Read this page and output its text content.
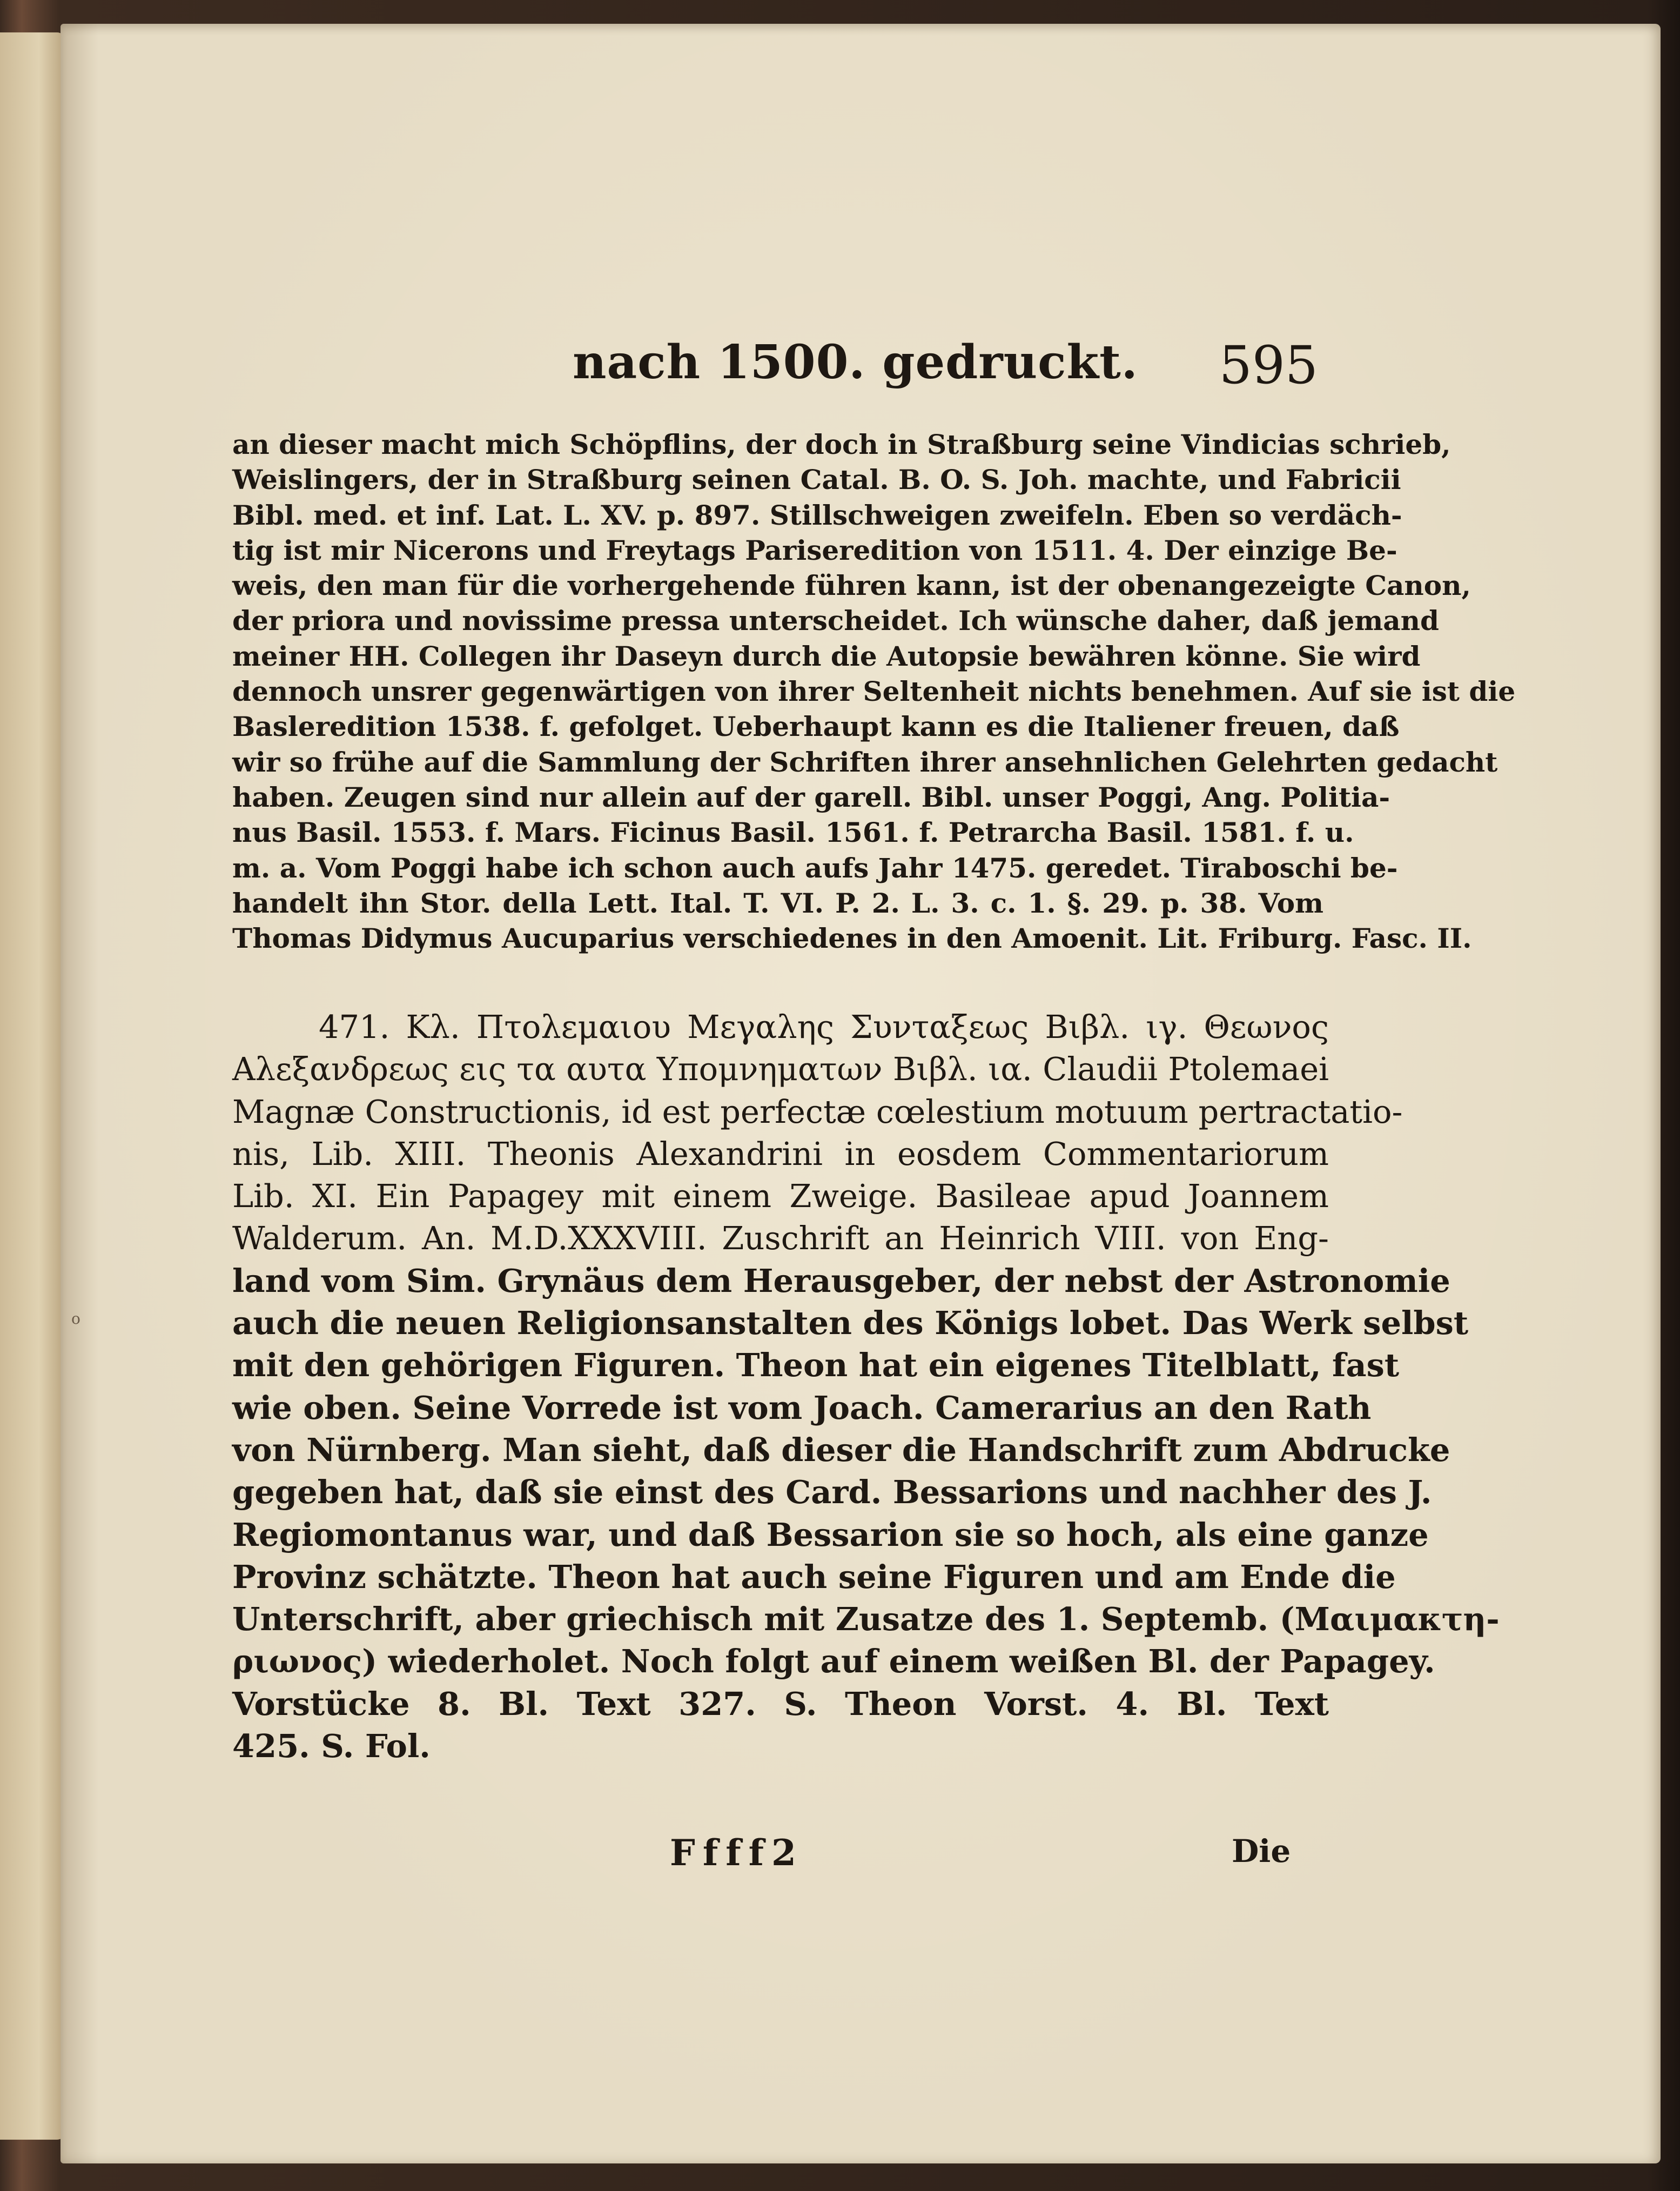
o
nach 1500. gedruckt. 595
an dieser macht mich Schöpflins, der doch in Straßburg seine Vindicias schrieb,
Weislingers, der in Straßburg seinen Catal. B. O. S. Joh. machte, und Fabricii
Bibl. med. et inf. Lat. L. XV. p. 897. Stillschweigen zweifeln. Eben so verdäch-
tig ist mir Nicerons und Freytags Pariseredition von 1511. 4. Der einzige Be-
weis, den man für die vorhergehende führen kann, ist der obenangezeigte Canon,
der priora und novissime pressa unterscheidet. Ich wünsche daher, daß jemand
meiner HH. Collegen ihr Daseyn durch die Autopsie bewähren könne. Sie wird
dennoch unsrer gegenwärtigen von ihrer Seltenheit nichts benehmen. Auf sie ist die
Basleredition 1538. f. gefolget. Ueberhaupt kann es die Italiener freuen, daß
wir so frühe auf die Sammlung der Schriften ihrer ansehnlichen Gelehrten gedacht
haben. Zeugen sind nur allein auf der garell. Bibl. unser Poggi, Ang. Politia-
nus Basil. 1553. f. Mars. Ficinus Basil. 1561. f. Petrarcha Basil. 1581. f. u.
m. a. Vom Poggi habe ich schon auch aufs Jahr 1475. geredet. Tiraboschi be-
handelt ihn Stor. della Lett. Ital. T. VI. P. 2. L. 3. c. 1. §. 29. p. 38. Vom
Thomas Didymus Aucuparius verschiedenes in den Amoenit. Lit. Friburg. Fasc. II.
471. Κλ. Πτολεμαιου Μεγαλης Συνταξεως Βιβλ. ιγ. Θεωνος
Αλεξανδρεως εις τα αυτα Υπομνηματων Βιβλ. ια. Claudii Ptolemaei
Magnæ Constructionis, id est perfectæ cœlestium motuum pertractatio-
nis, Lib. XIII. Theonis Alexandrini in eosdem Commentariorum
Lib. XI. Ein Papagey mit einem Zweige. Basileae apud Joannem
Walderum. An. M.D.XXXVIII. Zuschrift an Heinrich VIII. von Eng-
land vom Sim. Grynäus dem Herausgeber, der nebst der Astronomie
auch die neuen Religionsanstalten des Königs lobet. Das Werk selbst
mit den gehörigen Figuren. Theon hat ein eigenes Titelblatt, fast
wie oben. Seine Vorrede ist vom Joach. Camerarius an den Rath
von Nürnberg. Man sieht, daß dieser die Handschrift zum Abdrucke
gegeben hat, daß sie einst des Card. Bessarions und nachher des J.
Regiomontanus war, und daß Bessarion sie so hoch, als eine ganze
Provinz schätzte. Theon hat auch seine Figuren und am Ende die
Unterschrift, aber griechisch mit Zusatze des 1. Septemb. (Μαιμακτη-
ριωνος) wiederholet. Noch folgt auf einem weißen Bl. der Papagey.
Vorstücke 8. Bl. Text 327. S. Theon Vorst. 4. Bl. Text
425. S. Fol.
Ffff2	Die
